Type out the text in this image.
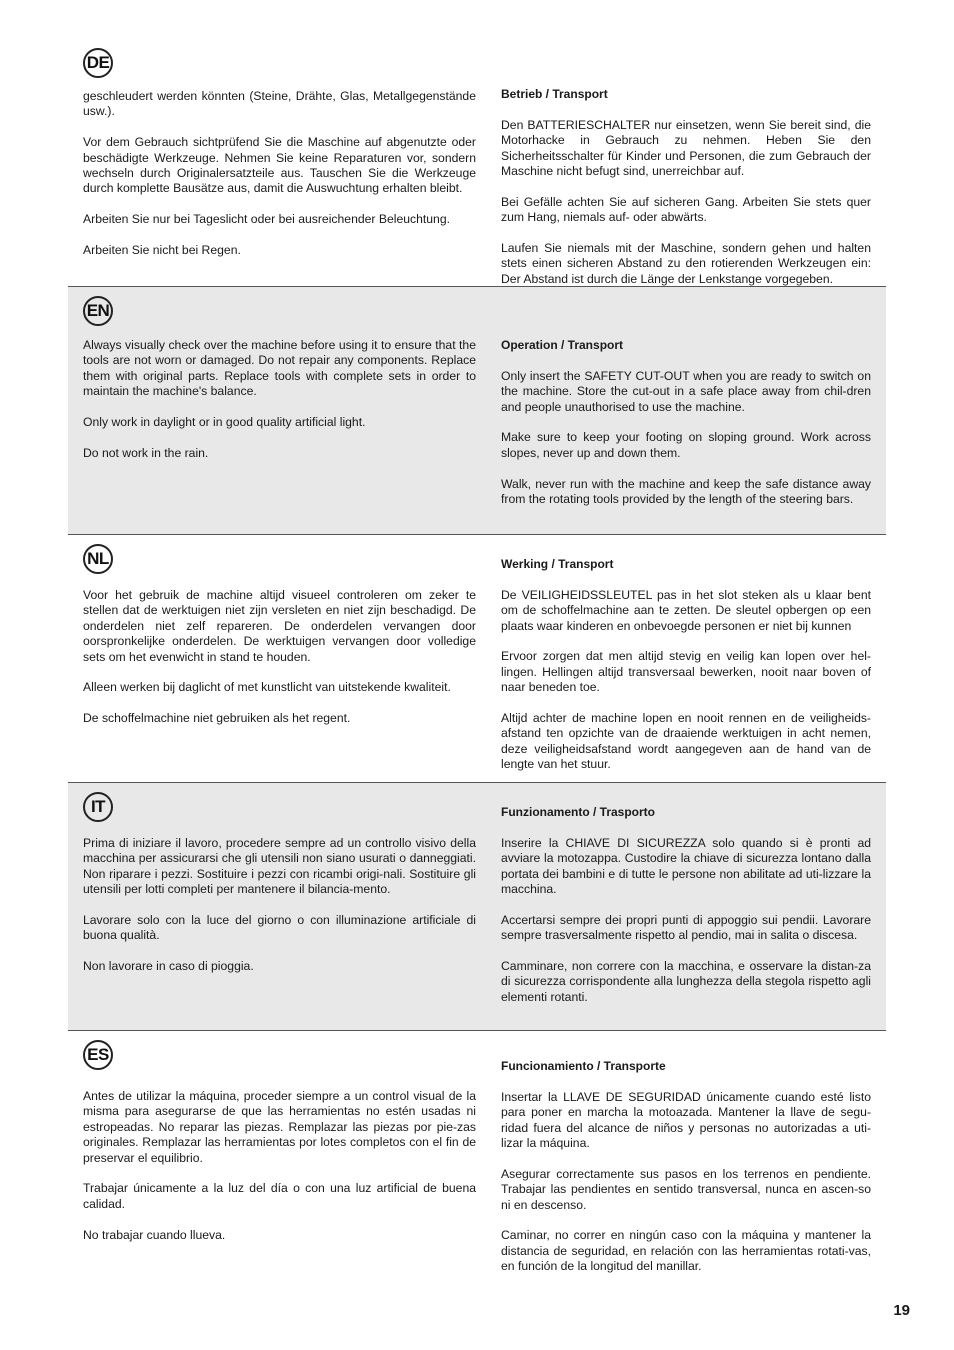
DE

geschleudert werden könnten (Steine, Drähte, Glas, Metallgegenstände usw.).

Vor dem Gebrauch sichtprüfend Sie die Maschine auf abgenutzte oder beschädigte Werkzeuge. Nehmen Sie keine Reparaturen vor, sondern wechseln durch Originalersatzteile aus. Tauschen Sie die Werkzeuge durch komplette Bausätze aus, damit die Auswuchtung erhalten bleibt.

Arbeiten Sie nur bei Tageslicht oder bei ausreichender Beleuchtung.

Arbeiten Sie nicht bei Regen.

Betrieb / Transport

Den BATTERIESCHALTER nur einsetzen, wenn Sie bereit sind, die Motorhacke in Gebrauch zu nehmen. Heben Sie den Sicherheitsschalter für Kinder und Personen, die zum Gebrauch der Maschine nicht befugt sind, unerreichbar auf.

Bei Gefälle achten Sie auf sicheren Gang. Arbeiten Sie stets quer zum Hang, niemals auf- oder abwärts.

Laufen Sie niemals mit der Maschine, sondern gehen und halten stets einen sicheren Abstand zu den rotierenden Werkzeugen ein: Der Abstand ist durch die Länge der Lenkstange vorgegeben.

EN

Always visually check over the machine before using it to ensure that the tools are not worn or damaged. Do not repair any components. Replace them with original parts. Replace tools with complete sets in order to maintain the machine's balance.

Only work in daylight or in good quality artificial light.

Do not work in the rain.

Operation / Transport

Only insert the SAFETY CUT-OUT when you are ready to switch on the machine. Store the cut-out in a safe place away from chil-dren and people unauthorised to use the machine.

Make sure to keep your footing on sloping ground. Work across slopes, never up and down them.

Walk, never run with the machine and keep the safe distance away from the rotating tools provided by the length of the steering bars.

NL

Voor het gebruik de machine altijd visueel controleren om zeker te stellen dat de werktuigen niet zijn versleten en niet zijn beschadigd. De onderdelen niet zelf repareren. De onderdelen vervangen door oorspronkelijke onderdelen. De werktuigen vervangen door volledige sets om het evenwicht in stand te houden.

Alleen werken bij daglicht of met kunstlicht van uitstekende kwaliteit.

De schoffelmachine niet gebruiken als het regent.

Werking / Transport

De VEILIGHEIDSSLEUTEL pas in het slot steken als u klaar bent om de schoffelmachine aan te zetten. De sleutel opbergen op een plaats waar kinderen en onbevoegde personen er niet bij kunnen

Ervoor zorgen dat men altijd stevig en veilig kan lopen over hel-lingen. Hellingen altijd transversaal bewerken, nooit naar boven of naar beneden toe.

Altijd achter de machine lopen en nooit rennen en de veiligheids-afstand ten opzichte van de draaiende werktuigen in acht nemen, deze veiligheidsafstand wordt aangegeven aan de hand van de lengte van het stuur.

IT

Prima di iniziare il lavoro, procedere sempre ad un controllo visivo della macchina per assicurarsi che gli utensili non siano usurati o danneggiati. Non riparare i pezzi. Sostituire i pezzi con ricambi origi-nali. Sostituire gli utensili per lotti completi per mantenere il bilancia-mento.

Lavorare solo con la luce del giorno o con illuminazione artificiale di buona qualità.

Non lavorare in caso di pioggia.

Funzionamento / Trasporto

Inserire la CHIAVE DI SICUREZZA solo quando si è pronti ad avviare la motozappa. Custodire la chiave di sicurezza lontano dalla portata dei bambini e di tutte le persone non abilitate ad uti-lizzare la macchina.

Accertarsi sempre dei propri punti di appoggio sui pendii. Lavorare sempre trasversalmente rispetto al pendio, mai in salita o discesa.

Camminare, non correre con la macchina, e osservare la distan-za di sicurezza corrispondente alla lunghezza della stegola rispetto agli elementi rotanti.

ES

Antes de utilizar la máquina, proceder siempre a un control visual de la misma para asegurarse de que las herramientas no estén usadas ni estropeadas. No reparar las piezas. Remplazar las piezas por pie-zas originales. Remplazar las herramientas por lotes completos con el fin de preservar el equilibrio.

Trabajar únicamente a la luz del día o con una luz artificial de buena calidad.

No trabajar cuando llueva.

Funcionamiento / Transporte

Insertar la LLAVE DE SEGURIDAD únicamente cuando esté listo para poner en marcha la motoazada. Mantener la llave de segu-ridad fuera del alcance de niños y personas no autorizadas a uti-lizar la máquina.

Asegurar correctamente sus pasos en los terrenos en pendiente. Trabajar las pendientes en sentido transversal, nunca en ascen-so ni en descenso.

Caminar, no correr en ningún caso con la máquina y mantener la distancia de seguridad, en relación con las herramientas rotati-vas, en función de la longitud del manillar.

19
